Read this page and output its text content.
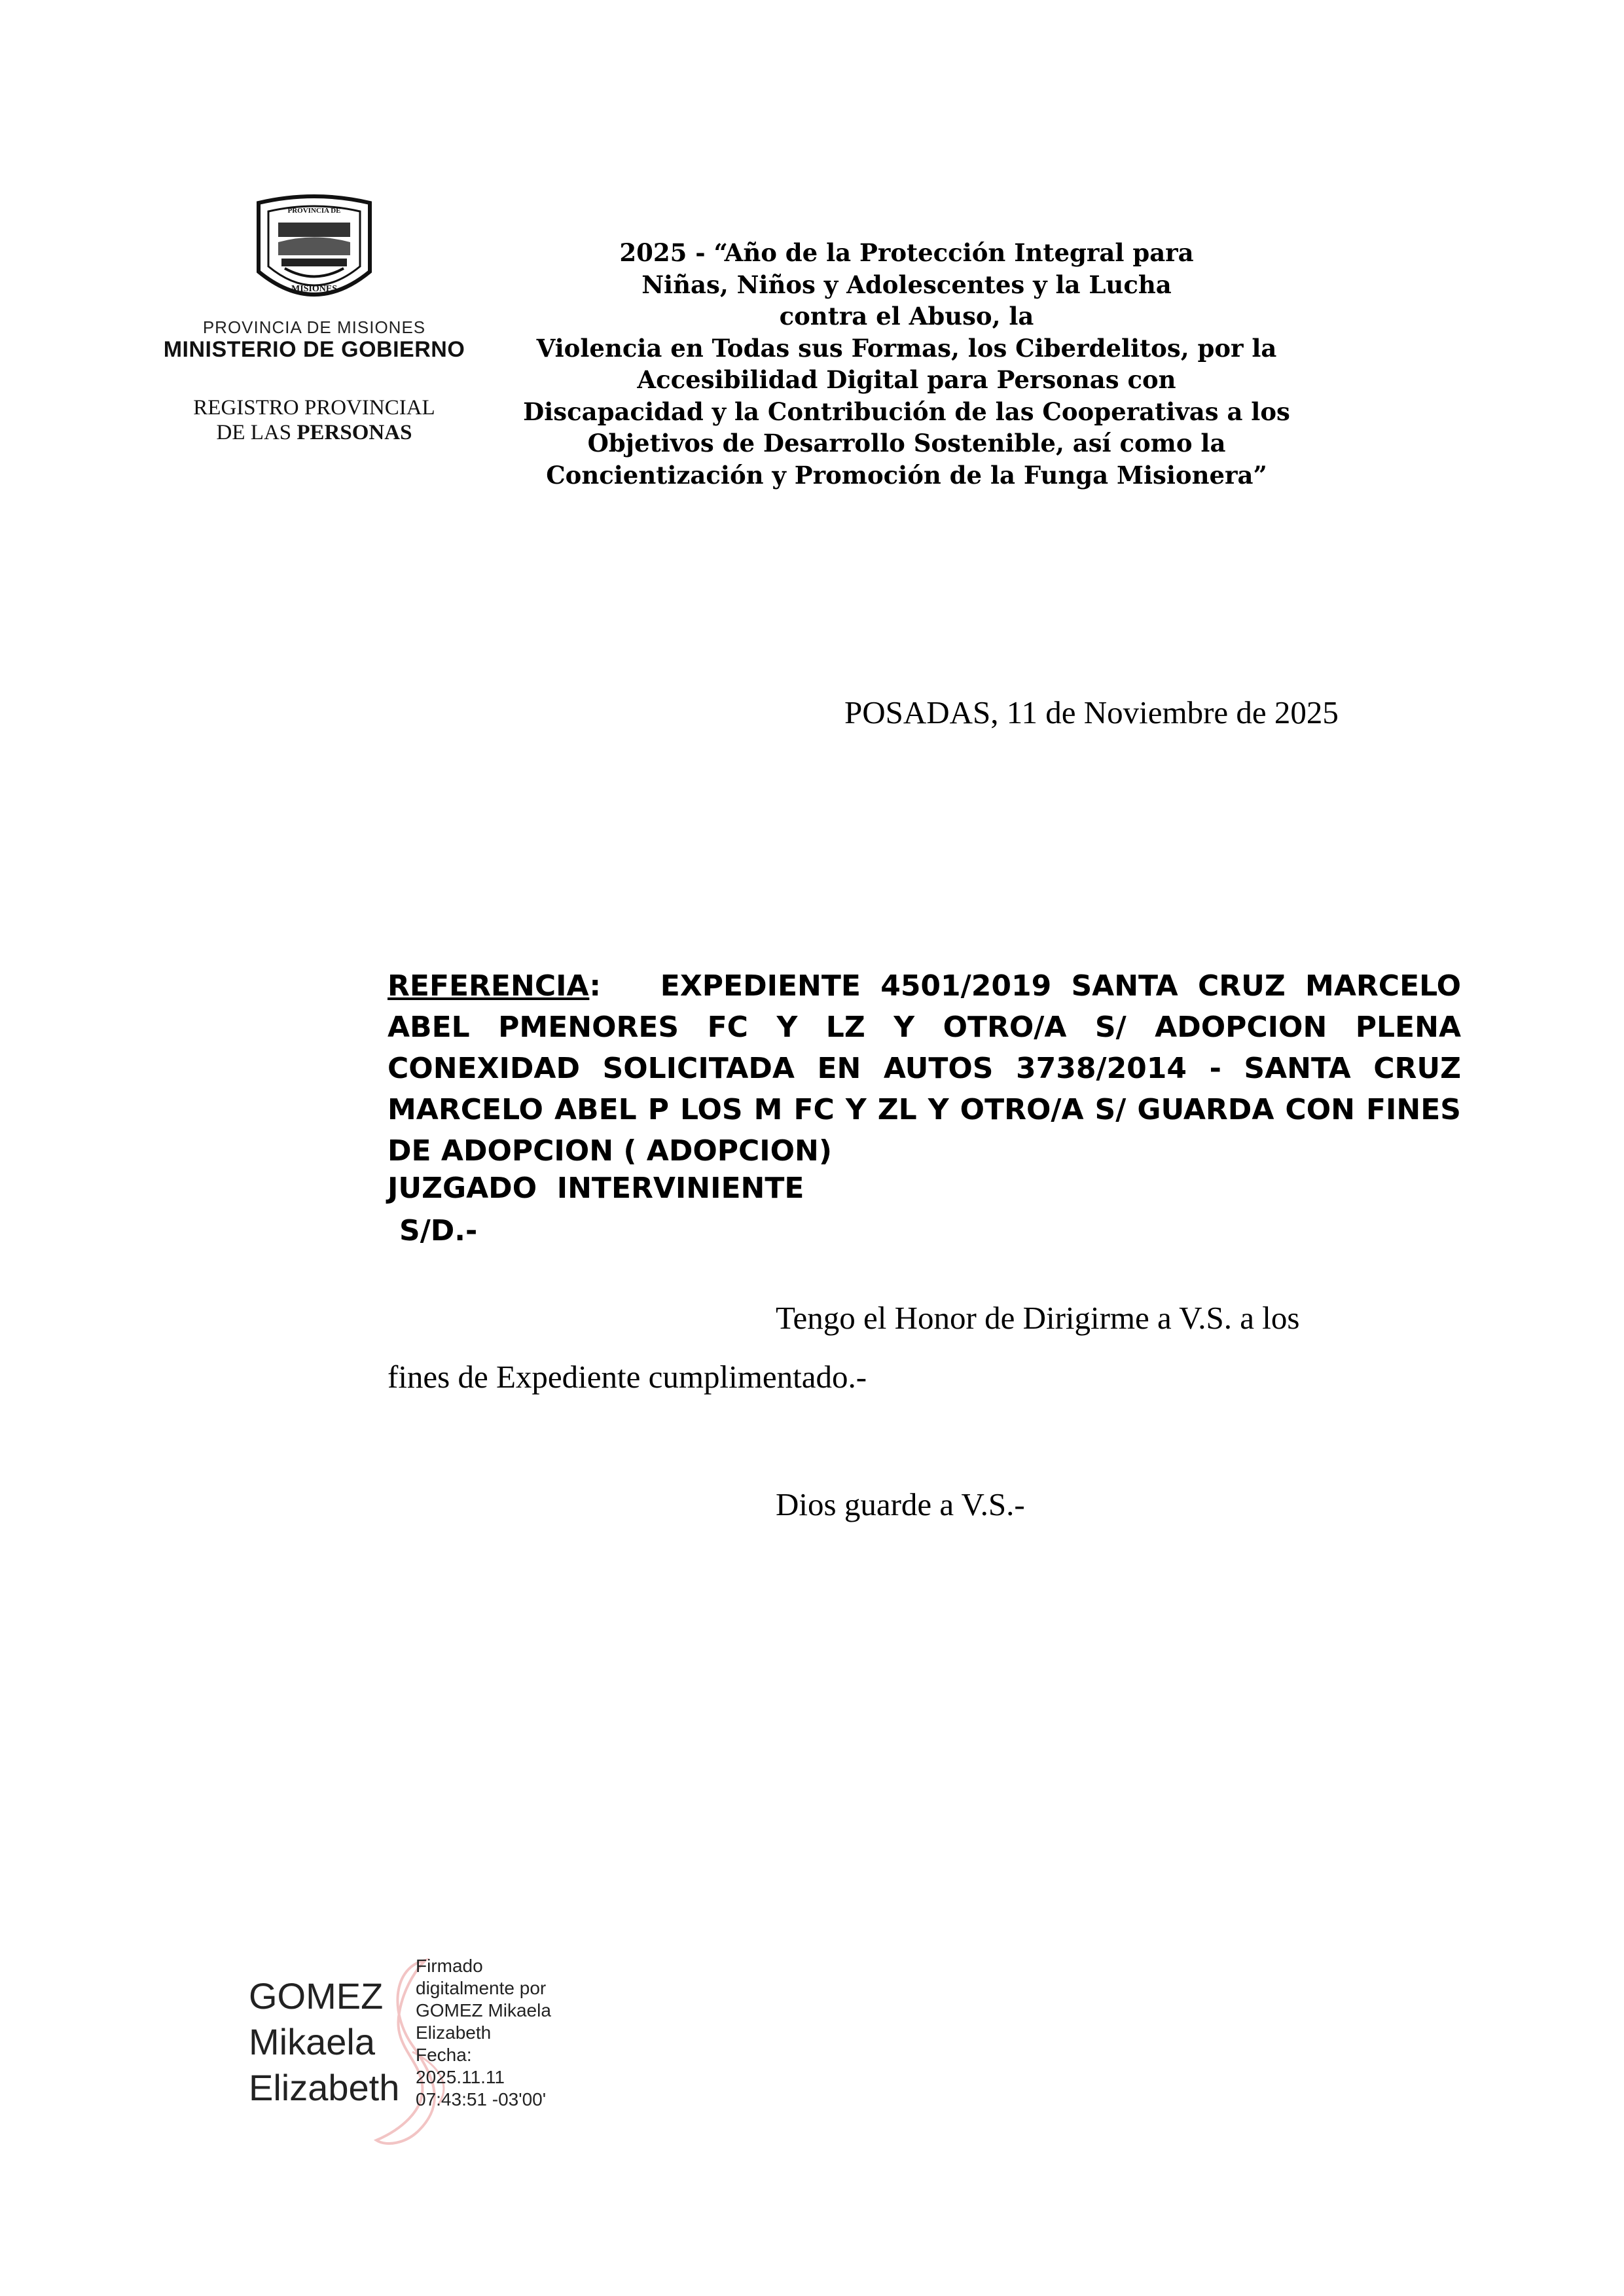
PROVINCIA DE
MISIONES
PROVINCIA DE MISIONES
MINISTERIO DE GOBIERNO
REGISTRO PROVINCIAL
DE LAS PERSONAS
2025 - “Año de la Protección Integral para
Niñas, Niños y Adolescentes y la Lucha
contra el Abuso, la
Violencia en Todas sus Formas, los Ciberdelitos, por la
Accesibilidad Digital para Personas con
Discapacidad y la Contribución de las Cooperativas a los
Objetivos de Desarrollo Sostenible, así como la
Concientización y Promoción de la Funga Misionera”
POSADAS, 11 de Noviembre de 2025
REFERENCIA: EXPEDIENTE 4501/2019 SANTA CRUZ MARCELO ABEL PMENORES FC Y LZ Y OTRO/A S/ ADOPCION PLENA CONEXIDAD SOLICITADA EN AUTOS 3738/2014 - SANTA CRUZ MARCELO ABEL P LOS M FC Y ZL Y OTRO/A S/ GUARDA CON FINES DE ADOPCION ( ADOPCION)
JUZGADO  INTERVINIENTE
S/D.-
Tengo el Honor de Dirigirme a V.S. a los
fines de Expediente cumplimentado.-
Dios guarde a V.S.-
GOMEZ
Mikaela
Elizabeth
Firmado
digitalmente por
GOMEZ Mikaela
Elizabeth
Fecha:
2025.11.11
07:43:51 -03'00'
